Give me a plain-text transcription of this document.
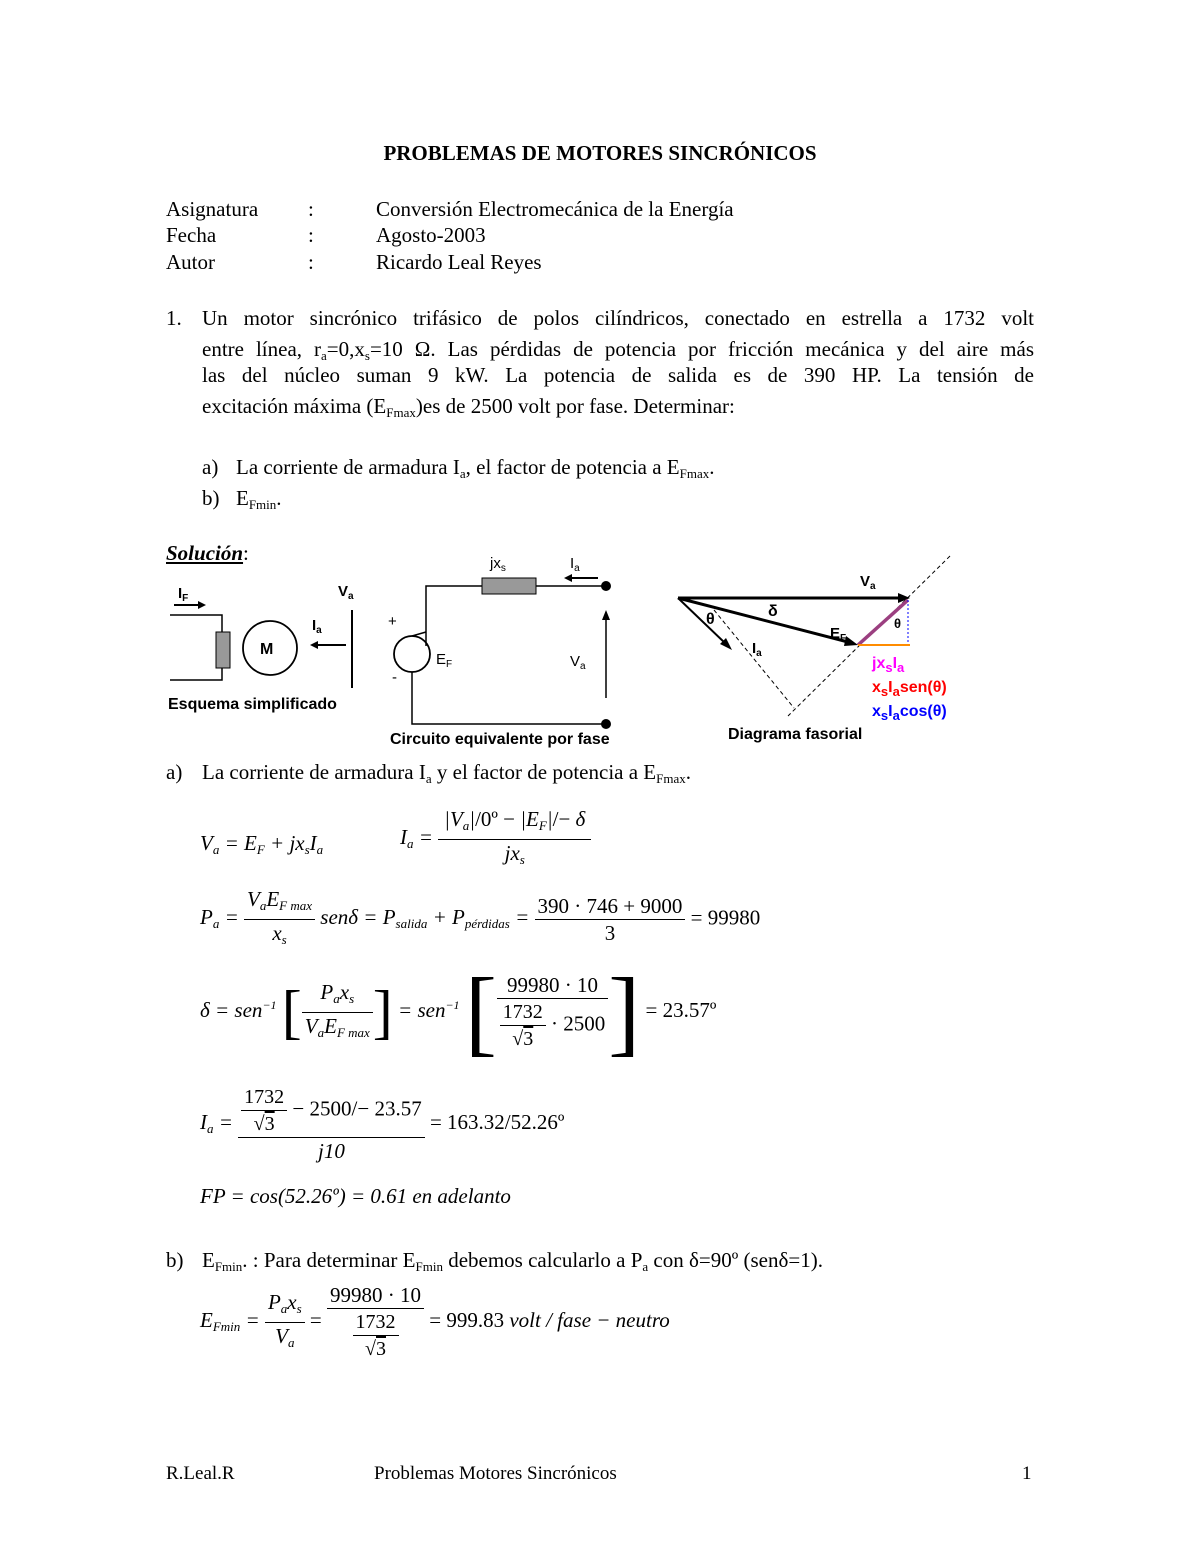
PROBLEMAS DE MOTORES SINCRÓNICOS
Asignatura :	Conversión Electromecánica de la Energía
Fecha	:	Agosto-2003
Autor	:	Ricardo Leal Reyes
1. Un motor sincrónico trifásico de polos cilíndricos, conectado en estrella a 1732 volt
entre línea, $r_a=0,x_s=10$ Ω. Las pérdidas de potencia por fricción mecánica y del aire más
las del núcleo suman 9 kW. La potencia de salida es de 390 HP. La tensión de
excitación máxima $(E_{Fmax})es$ de 2500 volt por fase. Determinar:
a) La corriente de armadura $I_a$, el factor de potencia a $E_{Fmax}$.
b) $E_{Fmin}$.
Solución:
$I_F$
M
$I_a$
$V_a$
Esquema simplificado
$jx_s$	$I_a$
+
$E_F$
-
$V_a$
Circuito equivalente por fase
$V_a$
$E_F$
$I_a$
θ	δ
θ
$jx_sI_a$
$x_sI_asen(\theta)$
$x_sI_a\cos(\theta)$
Diagrama fasorial
a) La corriente de armadura $I_a$ y el factor de potencia a $E_{Fmax}$.
$V_a = E_F + jx_sI_a$
$I_a = \frac{|V_a|/0º - |E_F|/- \delta}{jx_s}$
$P_a = \frac{V_aE_{F max}}{x_s}$ $sen\delta = P_{salida} + P_{pérdidas} = \frac{390 \cdot 746 + 9000}{3} = 99980$
δ = sen$^{-1}$ [ $\frac{P_ax_s}{V_aE_{F max}}$ ] = sen$^{-1}$ [ $\frac{99980 \cdot 10}{\frac{1732}{√3} \cdot 2500}$ ] = 23.57º
$I_a = \frac{\frac{1732}{√3} - 2500/- 23.57}{j10}$ = 163.32/52.26º
FP = cos(52.26º) = 0.61 en adelanto
b) $E_{Fmin}$. : Para determinar $E_{Fmin}$ debemos calcularlo a $P_a$ con δ=90º (senδ=1).
$E_{Fmin} = \frac{P_ax_s}{V_a} = \frac{99980 \cdot 10}{\frac{1732}{√3}} = 999.83$ volt / fase − neutro
R.Leal.R	Problemas Motores Sincrónicos	1
